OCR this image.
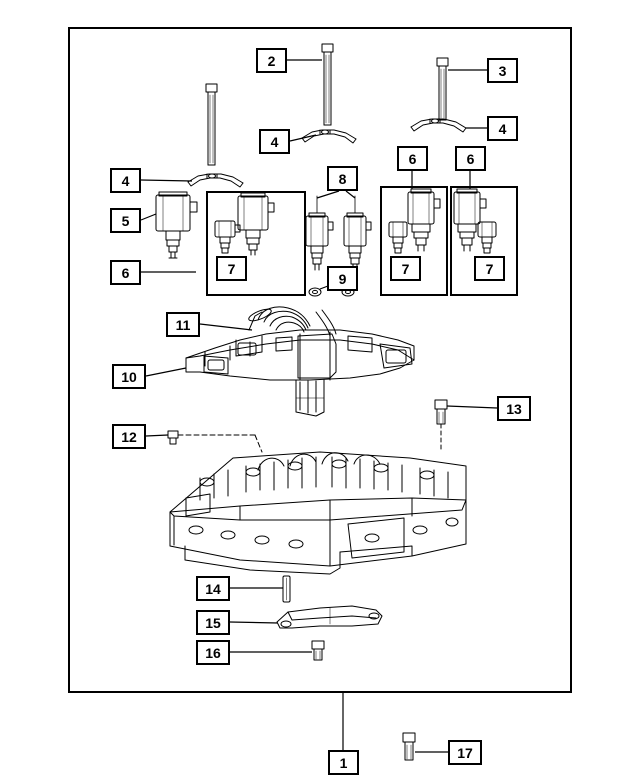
2
3
4
4
4
6	6
8
5
7	7	7
9
6
11
10
13
12
14
15
16
1
17
